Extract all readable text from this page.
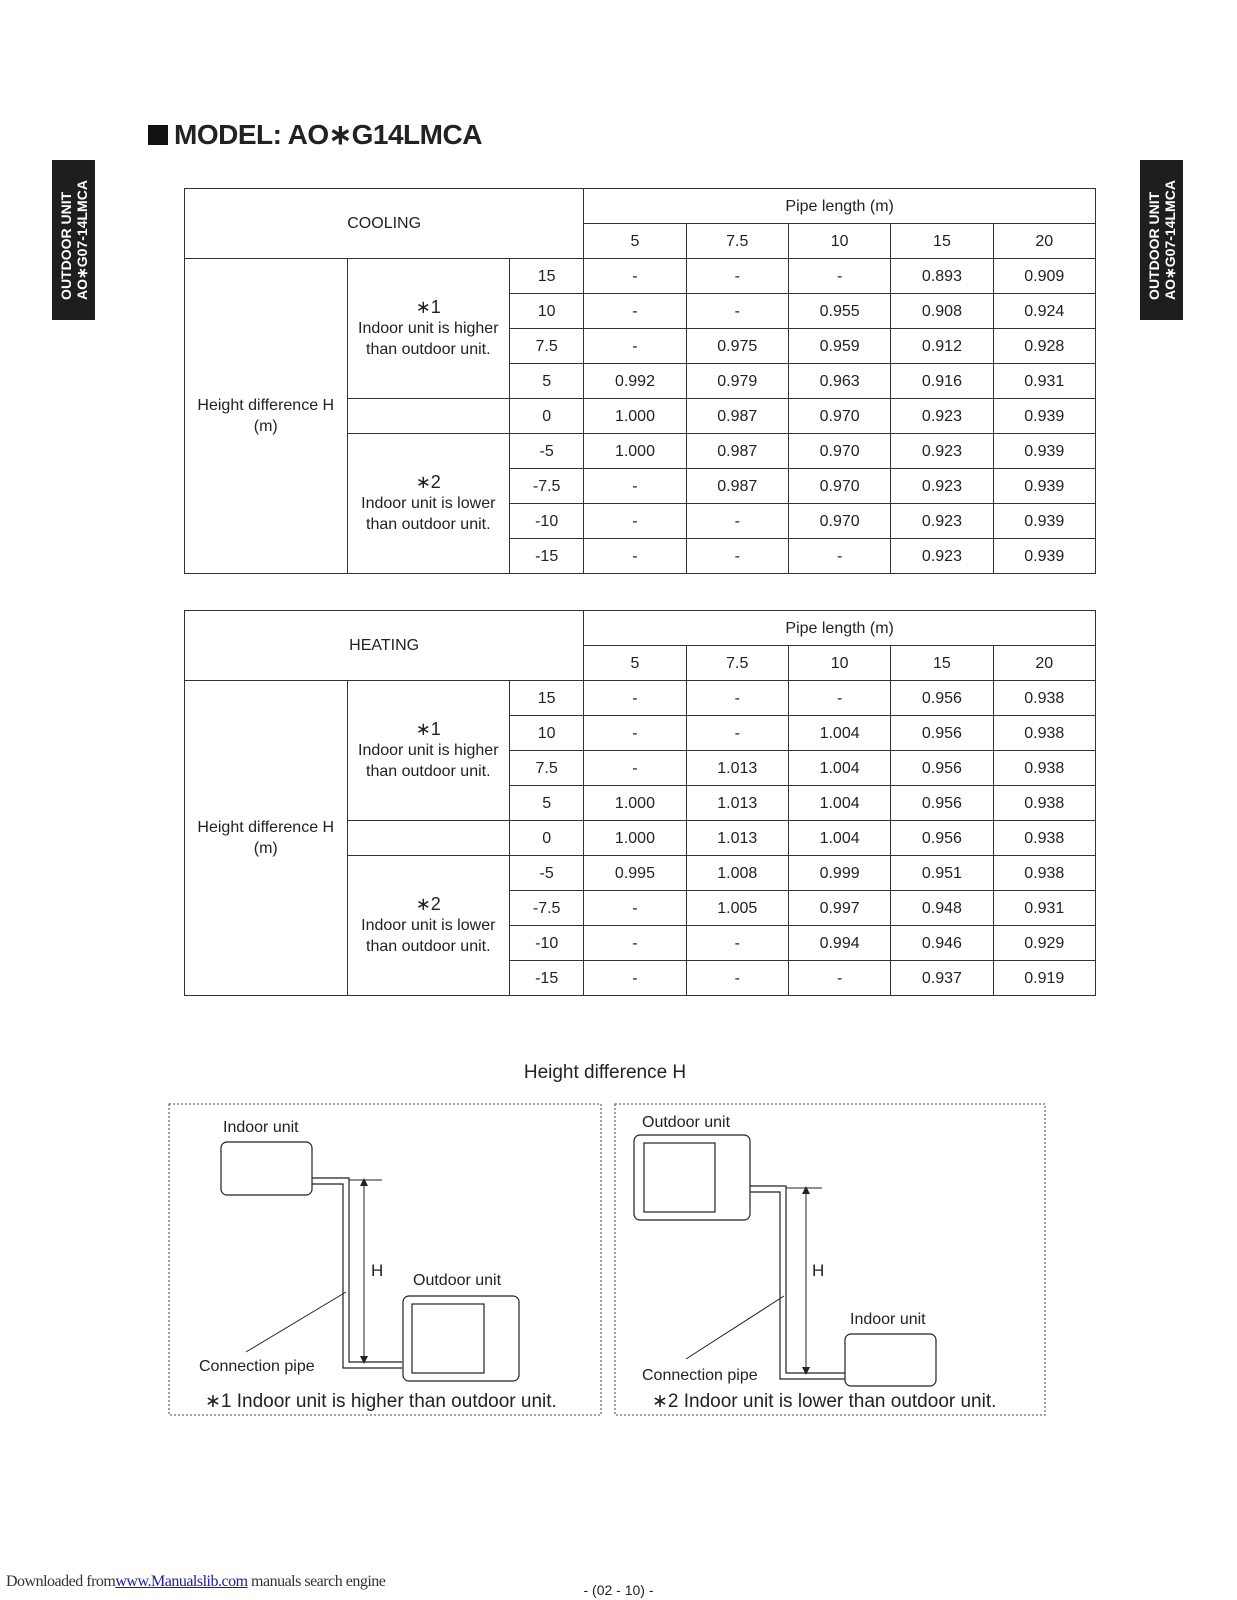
OUTDOOR UNIT AO∗G07-14LMCA	OUTDOOR UNIT AO∗G07-14LMCA
MODEL: AO∗G14LMCA
COOLING			Pipe length (m)				
			5	7.5	10	15	20
Height difference H (m)	∗1
Indoor unit is higher than outdoor unit.	15	-	-	-	0.893	0.909
		10	-	-	0.955	0.908	0.924
		7.5	-	0.975	0.959	0.912	0.928
		5	0.992	0.979	0.963	0.916	0.931
		0	1.000	0.987	0.970	0.923	0.939

	∗2
Indoor unit is lower than outdoor unit.	-5	1.000	0.987	0.970	0.923	0.939
		-7.5	-	0.987	0.970	0.923	0.939
		-10	-	-	0.970	0.923	0.939
		-15	-	-	-	0.923	0.939
HEATING			Pipe length (m)				
			5	7.5	10	15	20
Height difference H (m)	∗1
Indoor unit is higher than outdoor unit.	15	-	-	-	0.956	0.938
		10	-	-	1.004	0.956	0.938
		7.5	-	1.013	1.004	0.956	0.938
		5	1.000	1.013	1.004	0.956	0.938
		0	1.000	1.013	1.004	0.956	0.938

	∗2
Indoor unit is lower than outdoor unit.	-5	0.995	1.008	0.999	0.951	0.938
		-7.5	-	1.005	0.997	0.948	0.931
		-10	-	-	0.994	0.946	0.929
		-15	-	-	-	0.937	0.919
Height difference H
Indoor unit
H
Outdoor unit
Connection pipe
∗1 Indoor unit is higher than outdoor unit.
Outdoor unit
H
Indoor unit
Connection pipe
∗2 Indoor unit is lower than outdoor unit.
Downloaded fromwww.Manualslib.com manuals search engine	- (02 - 10) -
